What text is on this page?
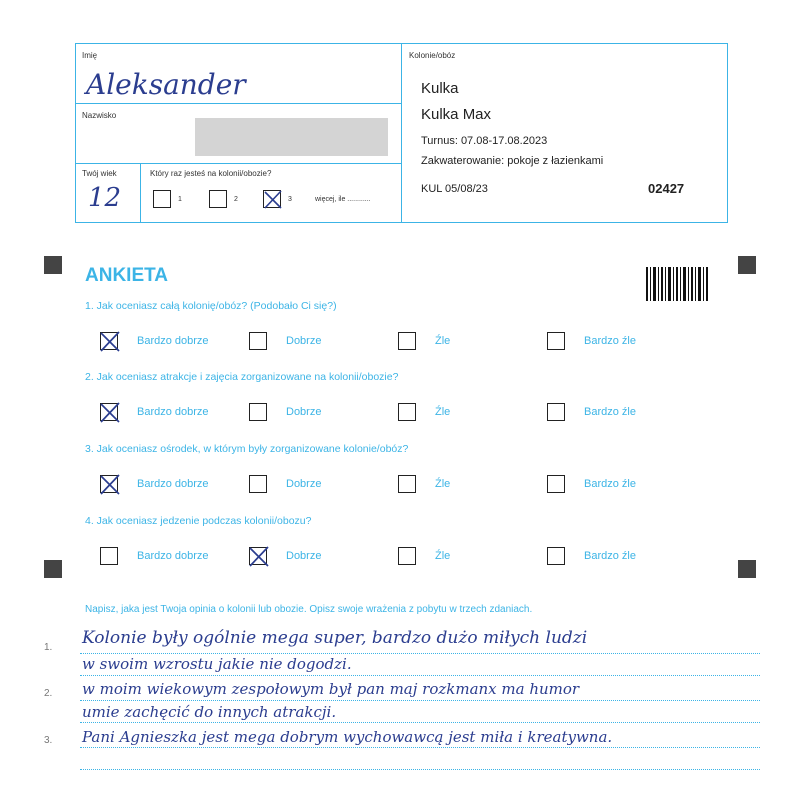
Imię
Aleksander
Nazwisko
Twój wiek
12
Który raz jesteś na kolonii/obozie?
1	2	3	więcej, ile ............
Kolonie/obóz
Kulka
Kulka Max
Turnus: 07.08-17.08.2023
Zakwaterowanie: pokoje z łazienkami
KUL 05/08/23	02427
ANKIETA
1. Jak oceniasz całą kolonię/obóz? (Podobało Ci się?)
Bardzo dobrze	Dobrze	Źle	Bardzo źle
2. Jak oceniasz atrakcje i zajęcia zorganizowane na kolonii/obozie?
Bardzo dobrze	Dobrze	Źle	Bardzo źle
3. Jak oceniasz ośrodek, w którym były zorganizowane kolonie/obóz?
Bardzo dobrze	Dobrze	Źle	Bardzo źle
4. Jak oceniasz jedzenie podczas kolonii/obozu?
Bardzo dobrze	Dobrze	Źle	Bardzo źle
Napisz, jaka jest Twoja opinia o kolonii lub obozie. Opisz swoje wrażenia z pobytu w trzech zdaniach.
1.
2.
3.
Kolonie były ogólnie mega super, bardzo dużo miłych ludzi
w swoim wzrostu jakie nie dogodzi.
w moim wiekowym zespołowym był pan maj rozkmanx ma humor
umie zachęcić do innych atrakcji.
Pani Agnieszka jest mega dobrym wychowawcą jest miła i kreatywna.
